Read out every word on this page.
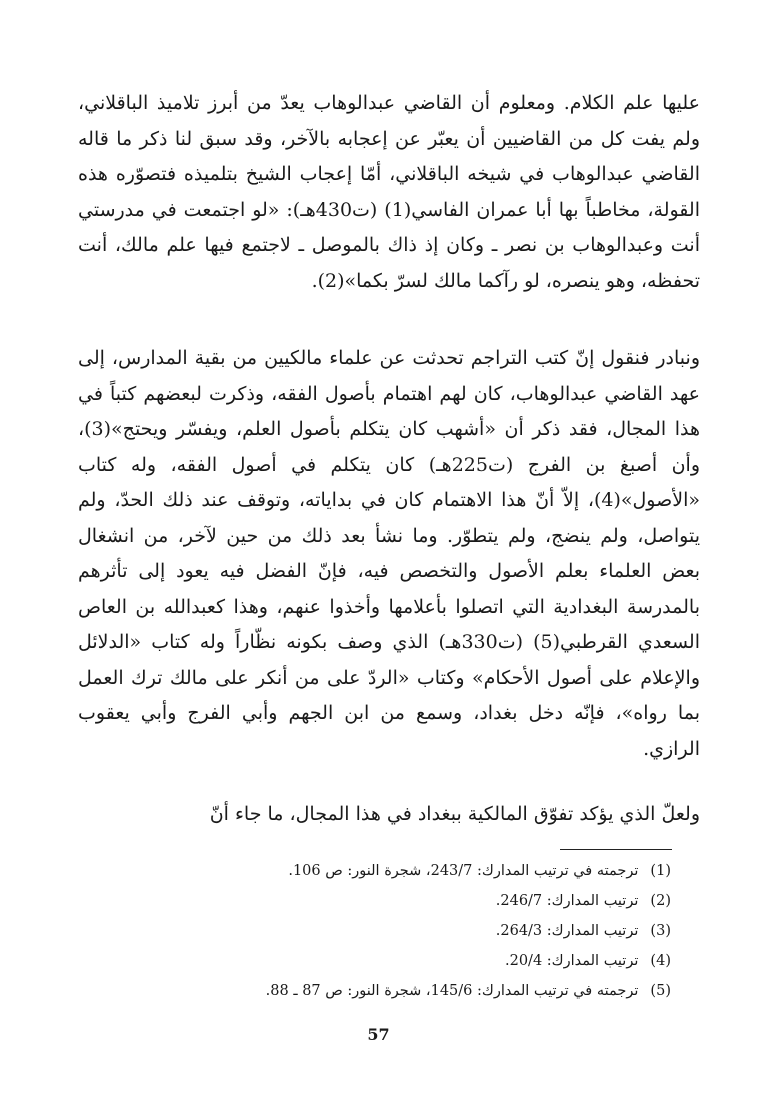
عليها علم الكلام. ومعلوم أن القاضي عبدالوهاب يعدّ من أبرز تلاميذ الباقلاني، ولم يفت كل من القاضيين أن يعبّر عن إعجابه بالآخر، وقد سبق لنا ذكر ما قاله القاضي عبدالوهاب في شيخه الباقلاني، أمّا إعجاب الشيخ بتلميذه فتصوّره هذه القولة، مخاطباً بها أبا عمران الفاسي(1) (ت430هـ): «لو اجتمعت في مدرستي أنت وعبدالوهاب بن نصر ـ وكان إذ ذاك بالموصل ـ لاجتمع فيها علم مالك، أنت تحفظه، وهو ينصره، لو رآكما مالك لسرّ بكما»(2).

ونبادر فنقول إنّ كتب التراجم تحدثت عن علماء مالكيين من بقية المدارس، إلى عهد القاضي عبدالوهاب، كان لهم اهتمام بأصول الفقه، وذكرت لبعضهم كتباً في هذا المجال، فقد ذكر أن «أشهب كان يتكلم بأصول العلم، ويفسّر ويحتج»(3)، وأن أصبغ بن الفرج (ت225هـ) كان يتكلم في أصول الفقه، وله كتاب «الأصول»(4)، إلاّ أنّ هذا الاهتمام كان في بداياته، وتوقف عند ذلك الحدّ، ولم يتواصل، ولم ينضج، ولم يتطوّر. وما نشأ بعد ذلك من حين لآخر، من انشغال بعض العلماء بعلم الأصول والتخصص فيه، فإنّ الفضل فيه يعود إلى تأثرهم بالمدرسة البغدادية التي اتصلوا بأعلامها وأخذوا عنهم، وهذا كعبدالله بن العاص السعدي القرطبي(5) (ت330هـ) الذي وصف بكونه نظّاراً وله كتاب «الدلائل والإعلام على أصول الأحكام» وكتاب «الردّ على من أنكر على مالك ترك العمل بما رواه»، فإنّه دخل بغداد، وسمع من ابن الجهم وأبي الفرج وأبي يعقوب الرازي.

ولعلّ الذي يؤكد تفوّق المالكية ببغداد في هذا المجال، ما جاء أنّ

(1) ترجمته في ترتيب المدارك: 243/7، شجرة النور: ص 106.
(2) ترتيب المدارك: 246/7.
(3) ترتيب المدارك: 264/3.
(4) ترتيب المدارك: 20/4.
(5) ترجمته في ترتيب المدارك: 145/6، شجرة النور: ص 87 ـ 88.
57
